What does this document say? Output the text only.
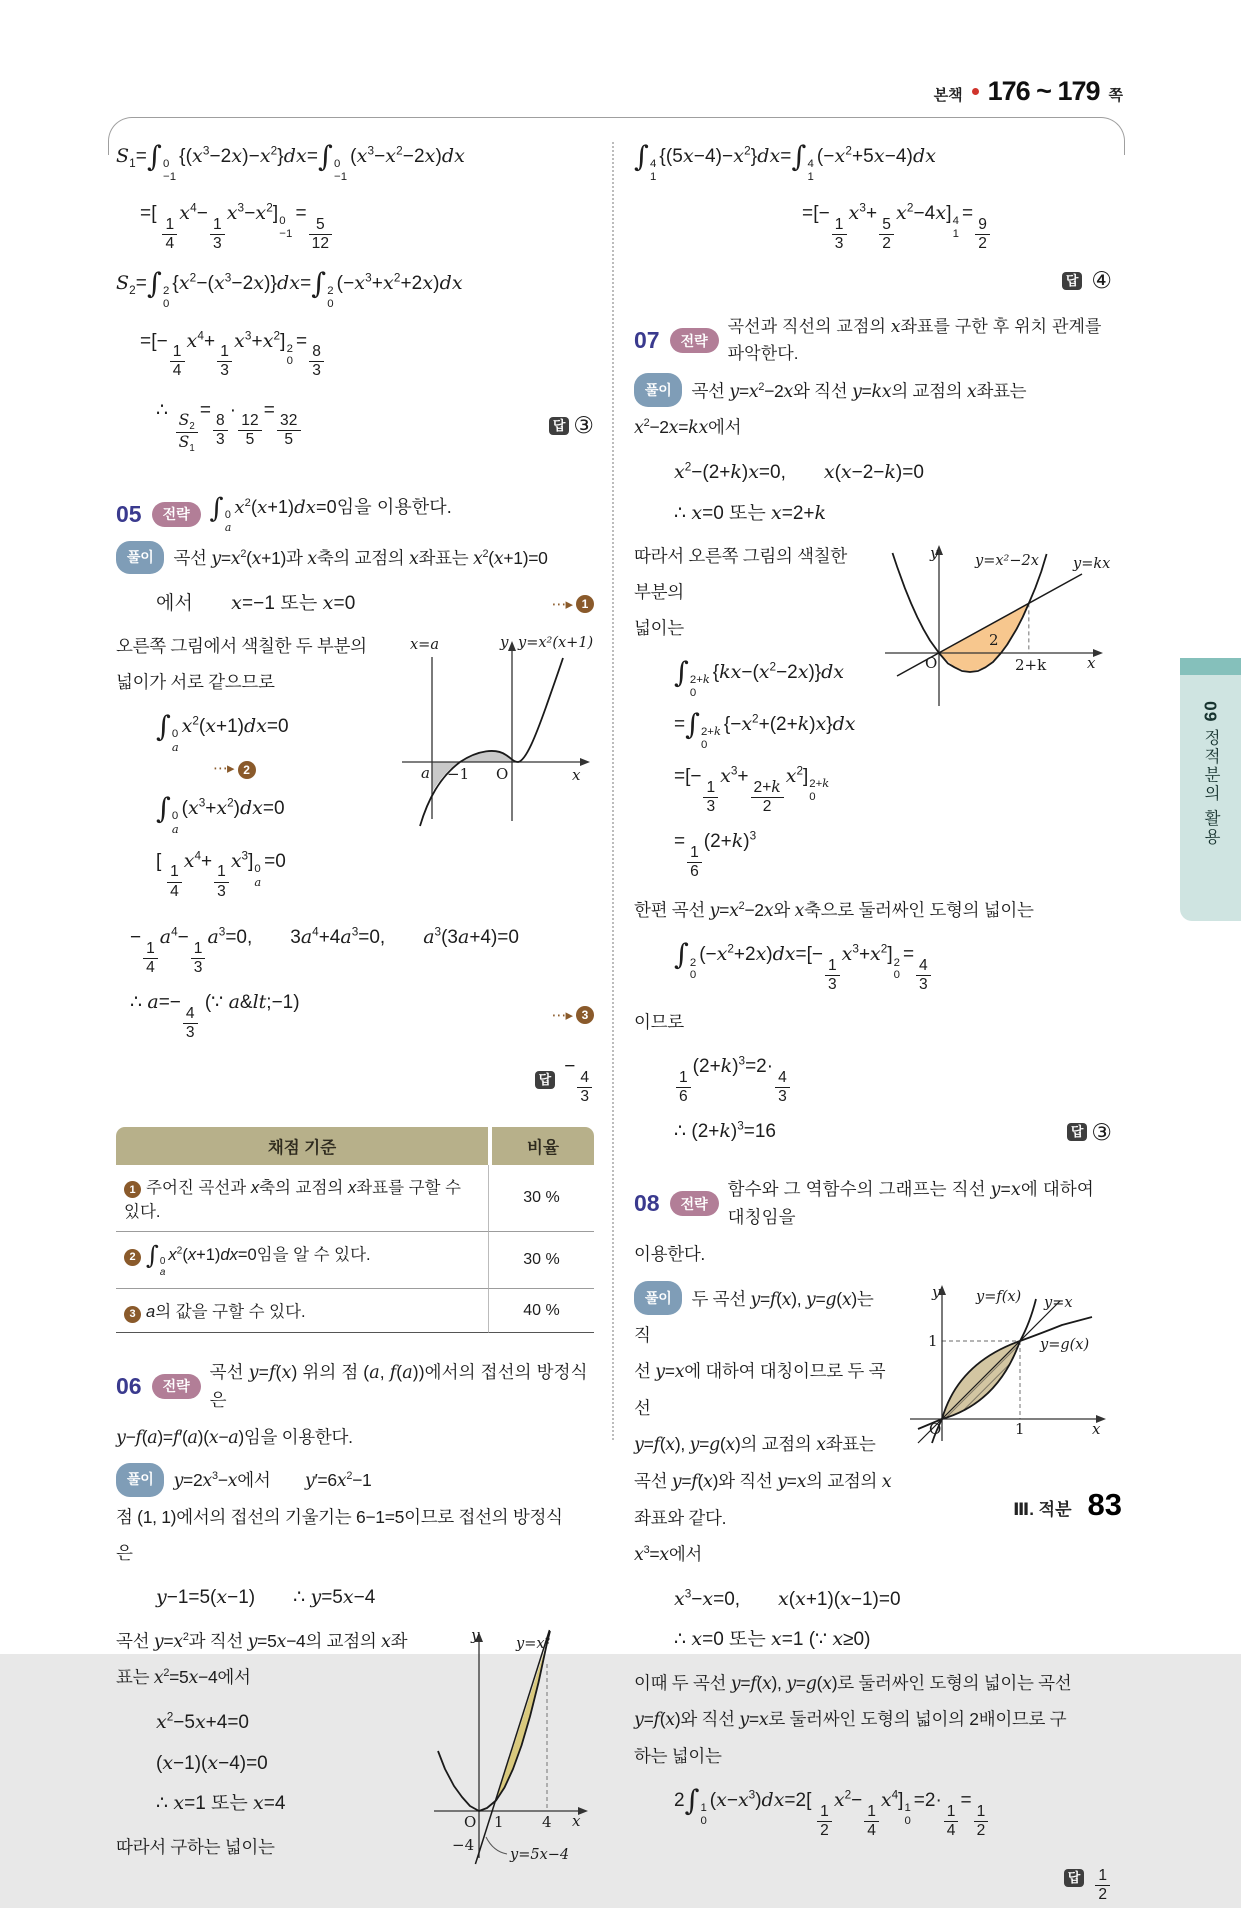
본책 176 ~ 179 쪽
$S_1=\int$ 0
−1
$\{(x^3-2x)-x^2\}dx=\int$ 0
−1
$(x^3-x^2-2x)dx$
=[ 
$\frac{1}{4}$
$x^4-$
$\frac{1}{3}$
$x^3-x^2$] 0
−1
=
$\frac{5}{12}$
$S_2=\int$ 2
0
$\{x^2-(x^3-2x)\}dx=\int$ 2
0
$(-x^3+x^2+2x)dx$
=[−
$\frac{1}{4}$
$x^4+$
$\frac{1}{3}$
$x^3+x^2$] 2
0
=
$\frac{8}{3}$
∴
$\frac{S_2}{S_1}$
=
$\frac{8}{3}$
·
$\frac{12}{5}$
=
$\frac{32}{5}$	답 ③
05	전략 ∫ 0
a
$x^2(x+1)dx=0$임을 이용한다.
풀이 곡선 $y=x^2(x+1)$과 x축의 교점의 x좌표는 $x^2(x+1)=0$
에서  x=−1 또는 x=0	⋯▸ 1
x=a	y y=x²(x+1)
a −1 O	x
오른쪽 그림에서 색칠한 두 부분의
넓이가 서로 같으므로
∫ 0
a
$x^2(x+1)dx=0$
⋯▸ 2
∫ 0
a
$(x^3+x^2)dx=0$
[ 
$\frac{1}{4}$
$x^4+$
$\frac{1}{3}$
$x^3$] 0
a
=0
−
$\frac{1}{4}$
$a^4-$
$\frac{1}{3}$
$a^3=0$,  $3a^4+4a^3=0$,  $a^3(3a+4)=0$
∴ a=−
$\frac{4}{3}$
(∵ a&lt;−1)
⋯▸ 3
답
−
$\frac{4}{3}$
채점 기준	비율
1 주어진 곡선과 x축의 교점의 x좌표를 구할 수 있다.	30 %
2 ∫ 0
a
$x^2(x+1)dx=0$임을 알 수 있다.	30 %
3 a의 값을 구할 수 있다.	40 %
06	전략
곡선 y=f(x) 위의 점 (a, f(a))에서의 접선의 방정식은
y−f(a)=f′(a)(x−a)임을 이용한다.
풀이 $y=2x^3-x$에서  $y'=6x^2-1$
점 (1, 1)에서의 접선의 기울기는 6−1=5이므로 접선의 방정식
은
y−1=5(x−1)  ∴ y=5x−4
y	y=x²
O 1	4 x
−4
y=5x−4
곡선 $y=x^2$과 직선 y=5x−4의 교점의 x좌
표는 $x^2=5x-4$에서
$x^2-5x+4=0$
(x−1)(x−4)=0
∴ x=1 또는 x=4
따라서 구하는 넓이는
∫ 4
1
$\{(5x-4)-x^2\}dx=\int$ 4
1
$(-x^2+5x-4)dx$
=[−
$\frac{1}{3}$
$x^3+$
$\frac{5}{2}$
$x^2-4x$] 4
1
=
$\frac{9}{2}$
답 ④
07	전략
곡선과 직선의 교점의 x좌표를 구한 후 위치 관계를 파악한다.
풀이 곡선 $y=x^2-2x$와 직선 y=kx의 교점의 x좌표는
$x^2-2x=kx$에서
$x^2-(2+k)x=0$,  x(x−2−k)=0
∴ x=0 또는 x=2+k
y	y=x²−2x y=kx
O
2
2+k	x
따라서 오른쪽 그림의 색칠한 부분의
넓이는
∫ 2+k
0
$\{kx-(x^2-2x)\}dx$
=∫ 2+k
0
$\{-x^2+(2+k)x\}dx$
=[−
$\frac{1}{3}$
$x^3+$
$\frac{2+k}{2}$
$x^2$] 2+k
0
=
$\frac{1}{6}$
$(2+k)^3$
한편 곡선 $y=x^2-2x$와 x축으로 둘러싸인 도형의 넓이는
∫ 2
0
$(-x^2+2x)dx=[-$
$\frac{1}{3}$
$x^3+x^2$] 2
0
=
$\frac{4}{3}$
이므로
$\frac{1}{6}$
$(2+k)^3=2\cdot$
$\frac{4}{3}$
∴ $(2+k)^3=16$	답 ③
08	전략
함수와 그 역함수의 그래프는 직선 y=x에 대하여 대칭임을
이용한다.
y y=f(x) y=x
y=g(x)
1
O	1	x
풀이 두 곡선 y=f(x), y=g(x)는 직
선 y=x에 대하여 대칭이므로 두 곡선
y=f(x), y=g(x)의 교점의 x좌표는
곡선 y=f(x)와 직선 y=x의 교점의 x
좌표와 같다.
$x^3=x$에서
$x^3-x=0$,  x(x+1)(x−1)=0
∴ x=0 또는 x=1 (∵ x≥0)
이때 두 곡선 y=f(x), y=g(x)로 둘러싸인 도형의 넓이는 곡선
y=f(x)와 직선 y=x로 둘러싸인 도형의 넓이의 2배이므로 구
하는 넓이는
2∫ 1
0
$(x-x^3)dx=2$[ 
$\frac{1}{2}$
$x^2-$
$\frac{1}{4}$
$x^4$] 1
0
=2·
$\frac{1}{4}$
=
$\frac{1}{2}$
답 $\frac{1}{2}$
09 정적분의 활용
Ⅲ. 적분 83
